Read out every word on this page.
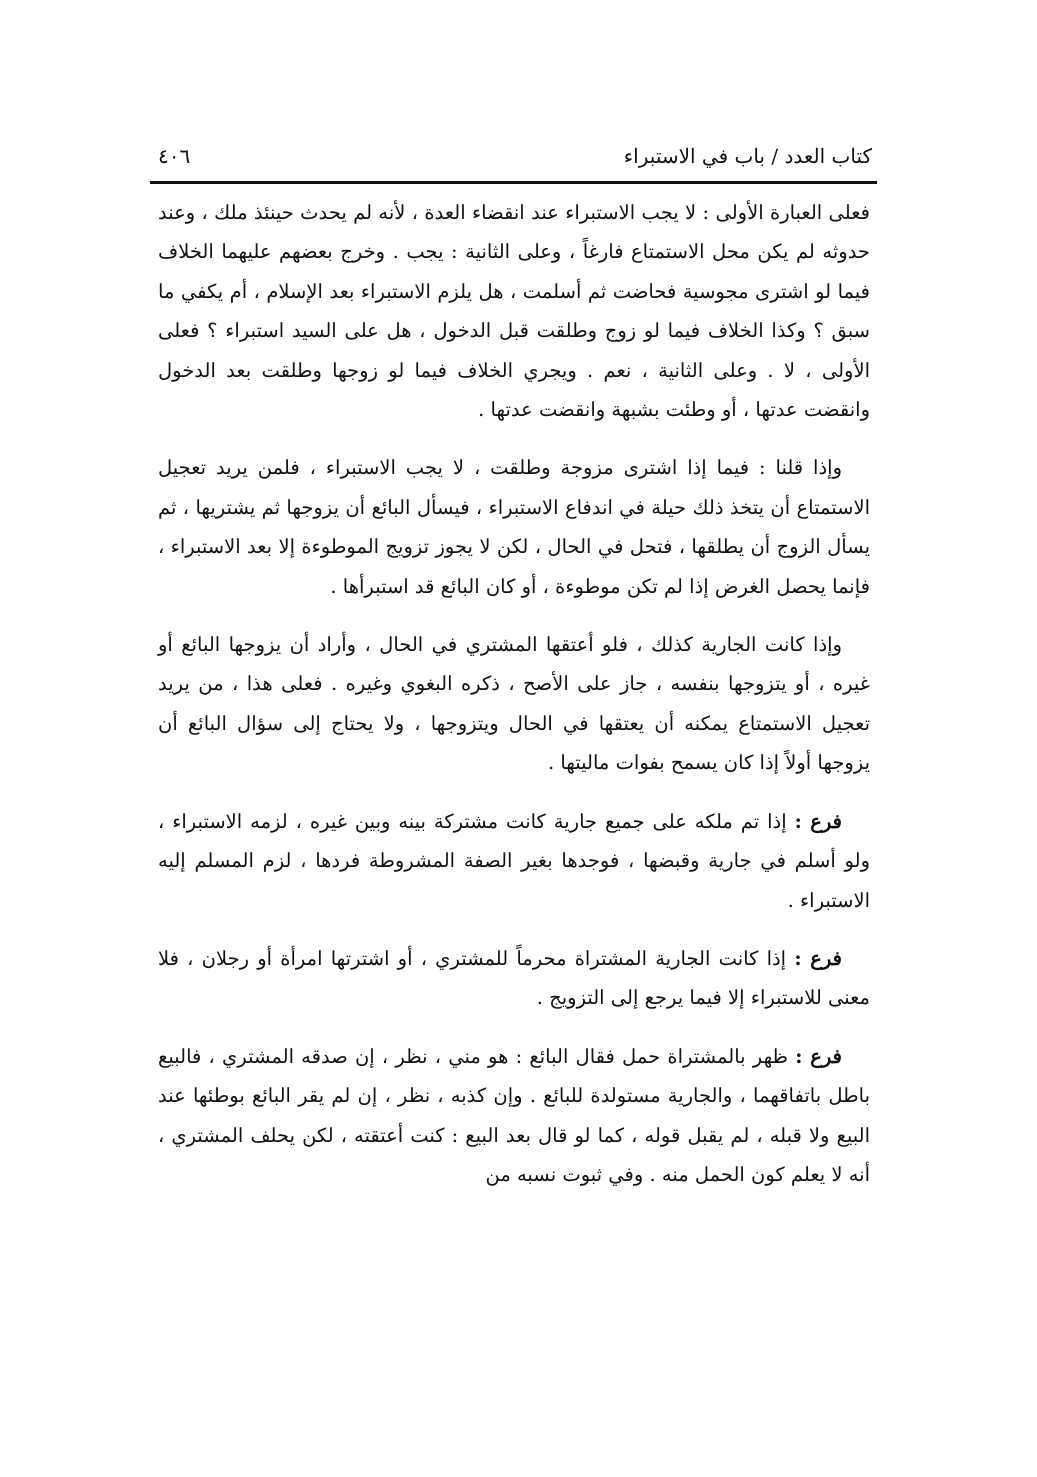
كتاب العدد / باب في الاستبراء
٤٠٦

فعلى العبارة الأولى : لا يجب الاستبراء عند انقضاء العدة ، لأنه لم يحدث حينئذ ملك ، وعند حدوثه لم يكن محل الاستمتاع فارغاً ، وعلى الثانية : يجب . وخرج بعضهم عليهما الخلاف فيما لو اشترى مجوسية فحاضت ثم أسلمت ، هل يلزم الاستبراء بعد الإسلام ، أم يكفي ما سبق ؟ وكذا الخلاف فيما لو زوج وطلقت قبل الدخول ، هل على السيد استبراء ؟ فعلى الأولى ، لا . وعلى الثانية ، نعم . ويجري الخلاف فيما لو زوجها وطلقت بعد الدخول وانقضت عدتها ، أو وطئت بشبهة وانقضت عدتها .

وإذا قلنا : فيما إذا اشترى مزوجة وطلقت ، لا يجب الاستبراء ، فلمن يريد تعجيل الاستمتاع أن يتخذ ذلك حيلة في اندفاع الاستبراء ، فيسأل البائع أن يزوجها ثم يشتريها ، ثم يسأل الزوج أن يطلقها ، فتحل في الحال ، لكن لا يجوز تزويج الموطوءة إلا بعد الاستبراء ، فإنما يحصل الغرض إذا لم تكن موطوءة ، أو كان البائع قد استبرأها .

وإذا كانت الجارية كذلك ، فلو أعتقها المشتري في الحال ، وأراد أن يزوجها البائع أو غيره ، أو يتزوجها بنفسه ، جاز على الأصح ، ذكره البغوي وغيره . فعلى هذا ، من يريد تعجيل الاستمتاع يمكنه أن يعتقها في الحال ويتزوجها ، ولا يحتاج إلى سؤال البائع أن يزوجها أولاً إذا كان يسمح بفوات ماليتها .

فرع : إذا تم ملكه على جميع جارية كانت مشتركة بينه وبين غيره ، لزمه الاستبراء ، ولو أسلم في جارية وقبضها ، فوجدها بغير الصفة المشروطة فردها ، لزم المسلم إليه الاستبراء .

فرع : إذا كانت الجارية المشتراة محرماً للمشتري ، أو اشترتها امرأة أو رجلان ، فلا معنى للاستبراء إلا فيما يرجع إلى التزويج .

فرع : ظهر بالمشتراة حمل فقال البائع : هو مني ، نظر ، إن صدقه المشتري ، فالبيع باطل باتفاقهما ، والجارية مستولدة للبائع . وإن كذبه ، نظر ، إن لم يقر البائع بوطئها عند البيع ولا قبله ، لم يقبل قوله ، كما لو قال بعد البيع : كنت أعتقته ، لكن يحلف المشتري ، أنه لا يعلم كون الحمل منه . وفي ثبوت نسبه من
